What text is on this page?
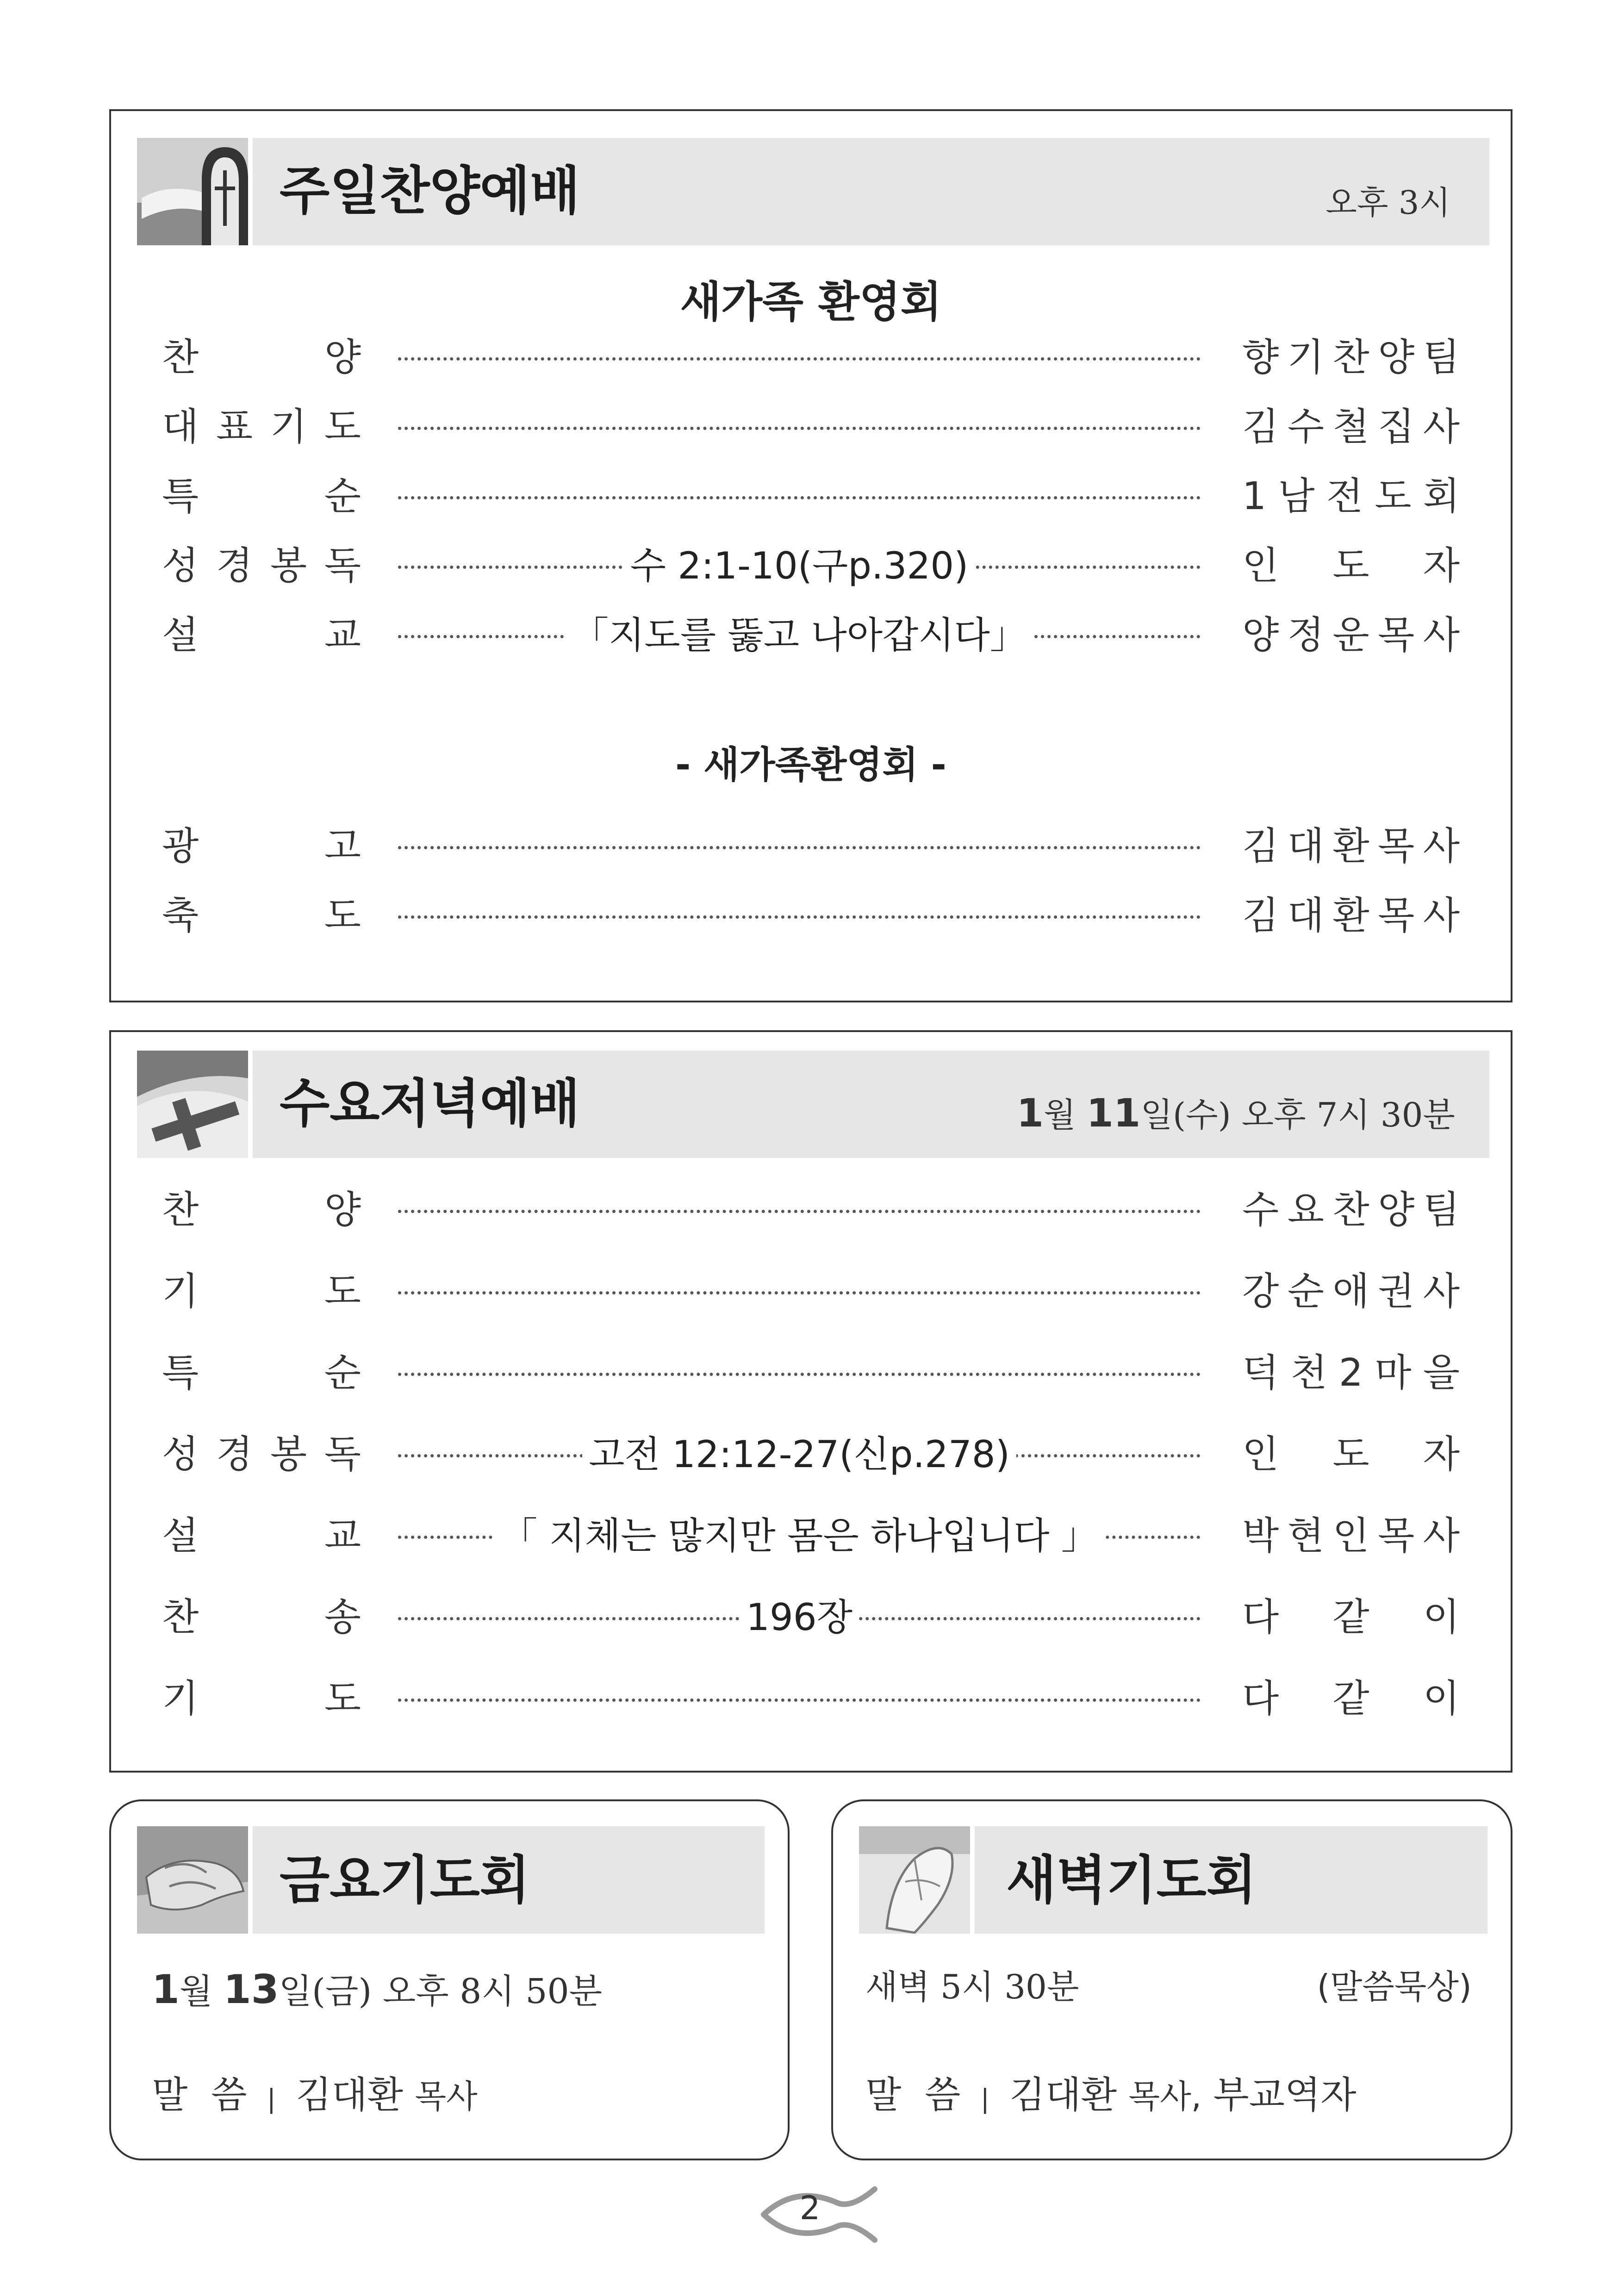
주일찬양예배	오후 3시
새가족 환영회
찬	양	향 기 찬 양 팀
대 표 기 도	김 수 철 집 사
특	순	1 남 전 도 회
성 경 봉 독	수 2:1-10(구p.320)	인 도 자
설	교	「지도를 뚫고 나아갑시다」	양 정 운 목 사
- 새가족환영회 -
광	고	김 대 환 목 사
축	도	김 대 환 목 사
수요저녁예배	1월 11일(수) 오후 7시 30분
찬	양	수 요 찬 양 팀
기	도	강 순 애 권 사
특	순	덕 천 2 마 을
성 경 봉 독	고전 12:12-27(신p.278)	인 도 자
설	교	「 지체는 많지만 몸은 하나입니다 」	박 현 인 목 사
찬	송	196장	다 같 이
기	도	다 같 이
금요기도회
1월 13일(금) 오후 8시 50분
말  씀 | 김대환 목사
새벽기도회
새벽 5시 30분	(말씀묵상)
말  씀 | 김대환 목사, 부교역자
2
